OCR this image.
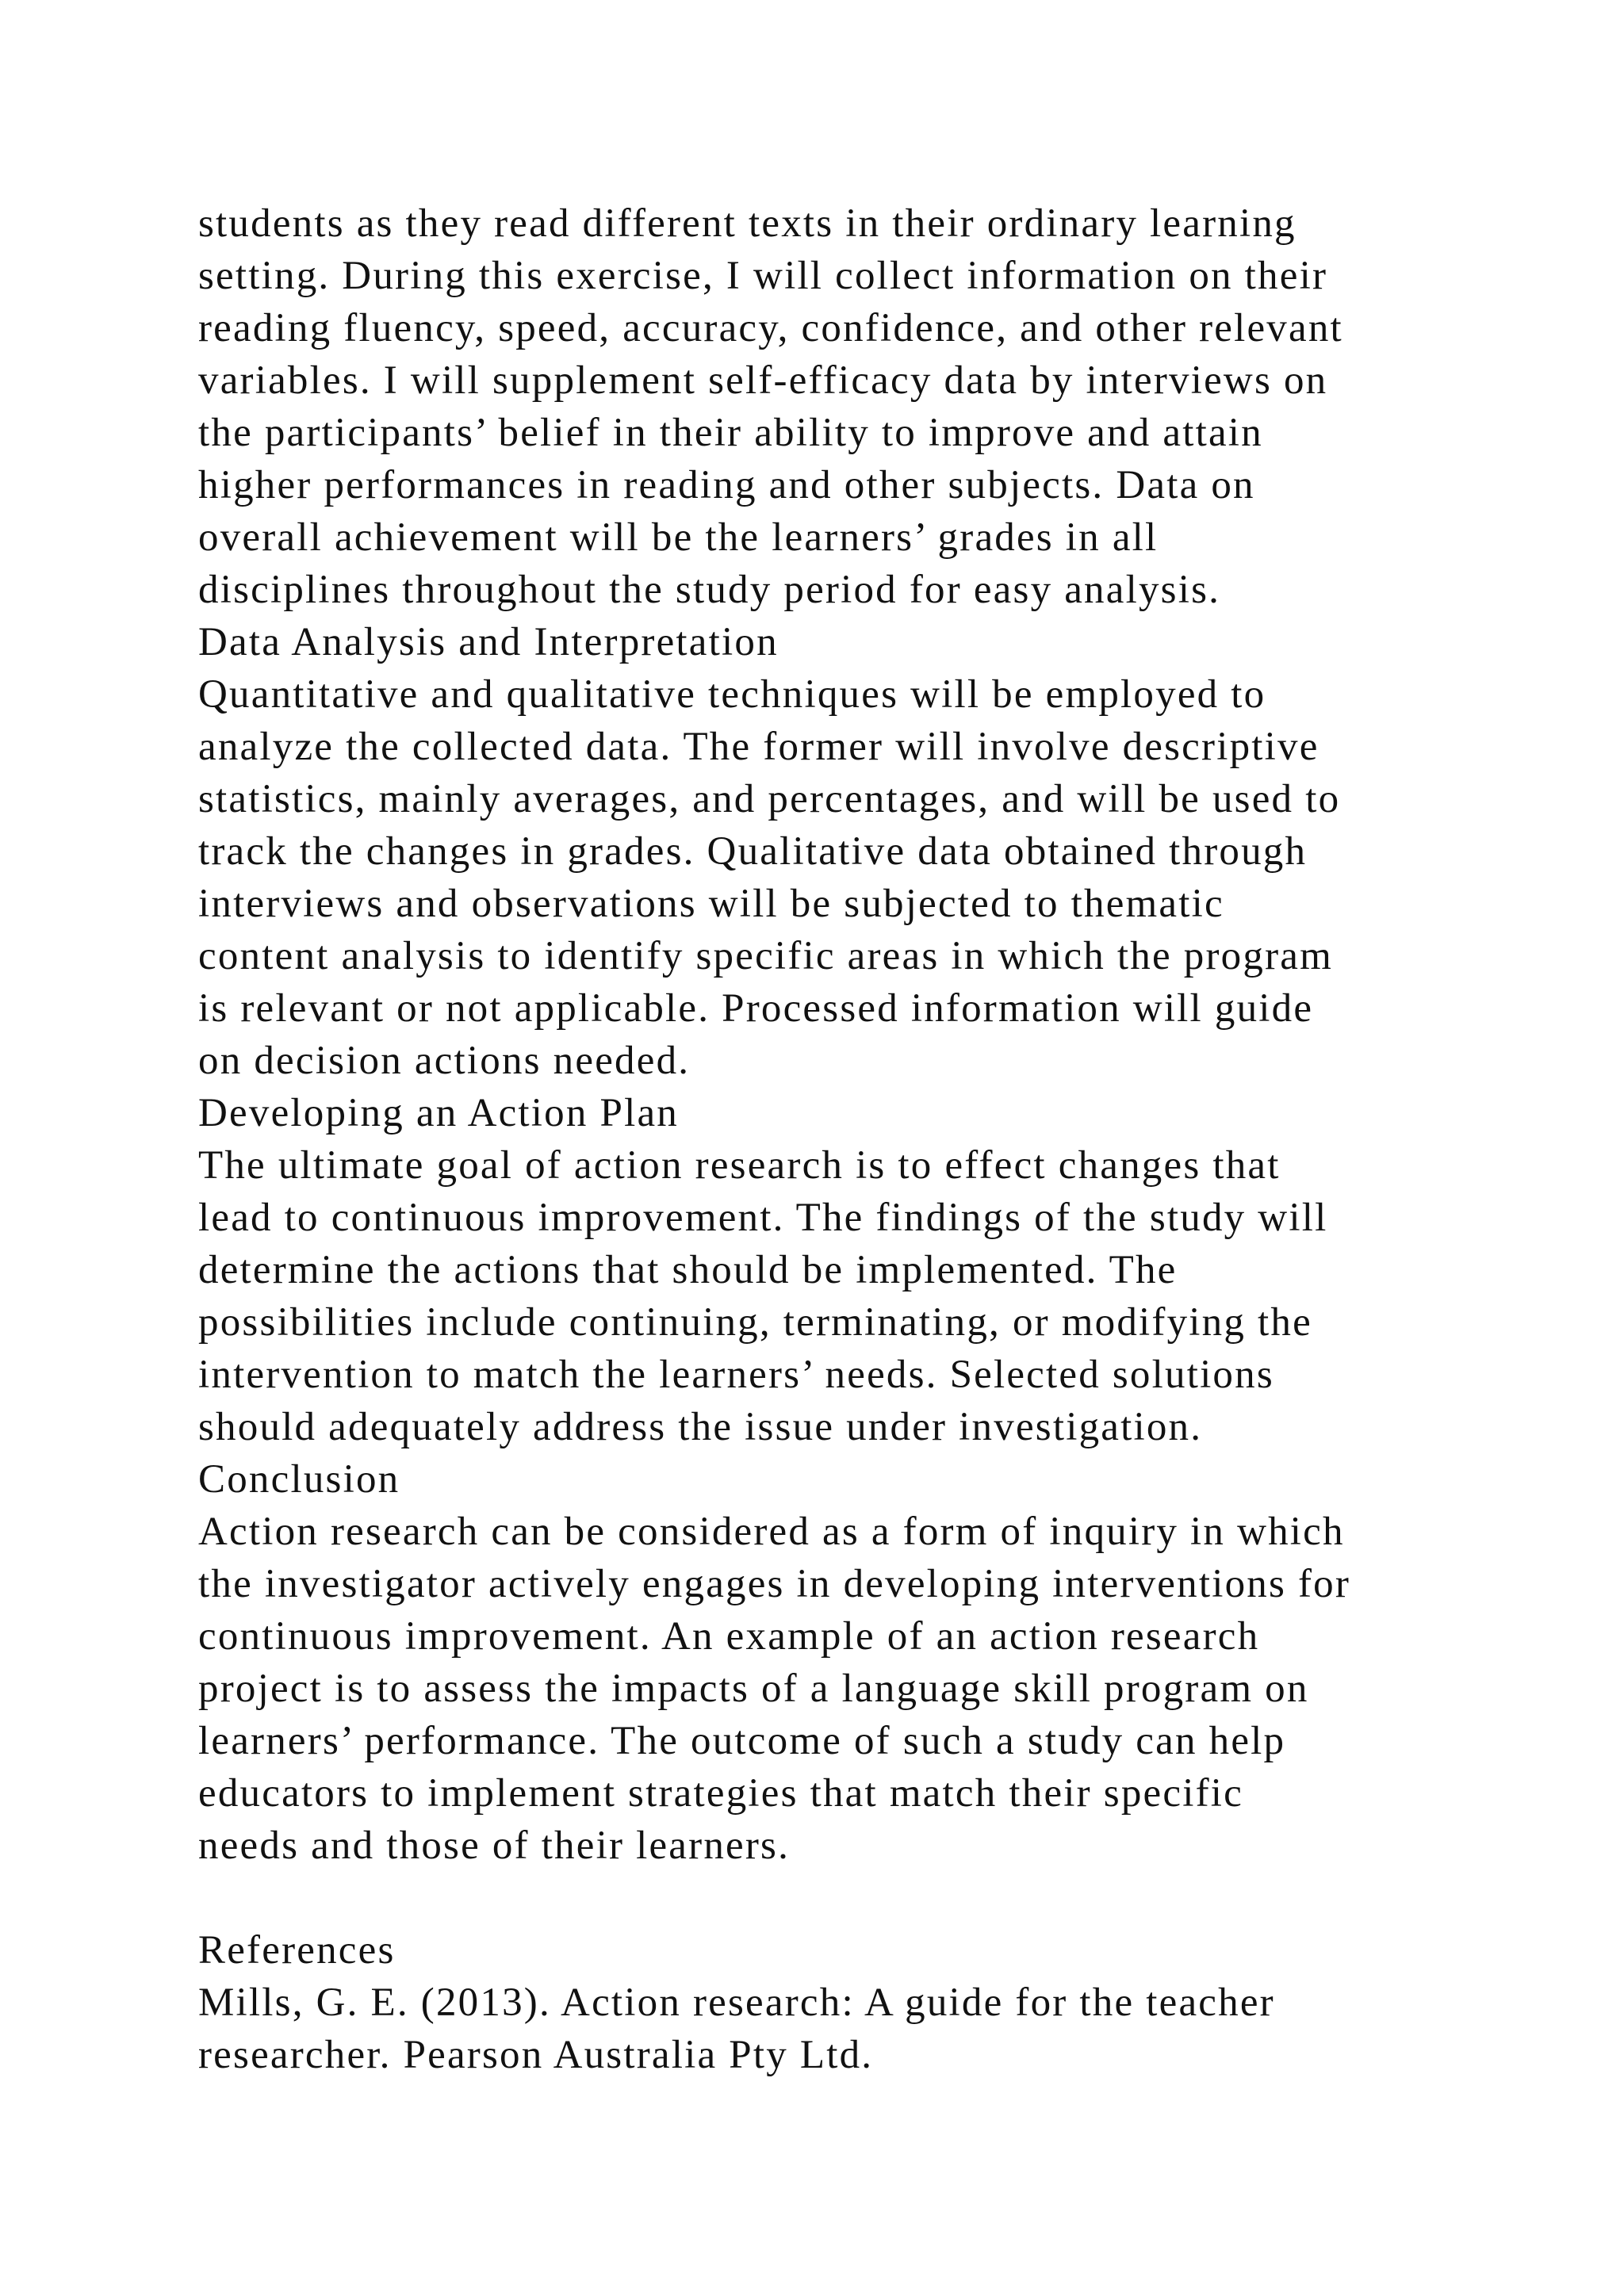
students as they read different texts in their ordinary learning
setting. During this exercise, I will collect information on their
reading fluency, speed, accuracy, confidence, and other relevant
variables. I will supplement self-efficacy data by interviews on
the participants’ belief in their ability to improve and attain
higher performances in reading and other subjects. Data on
overall achievement will be the learners’ grades in all
disciplines throughout the study period for easy analysis.
Data Analysis and Interpretation
Quantitative and qualitative techniques will be employed to
analyze the collected data. The former will involve descriptive
statistics, mainly averages, and percentages, and will be used to
track the changes in grades. Qualitative data obtained through
interviews and observations will be subjected to thematic
content analysis to identify specific areas in which the program
is relevant or not applicable. Processed information will guide
on decision actions needed.
Developing an Action Plan
The ultimate goal of action research is to effect changes that
lead to continuous improvement. The findings of the study will
determine the actions that should be implemented. The
possibilities include continuing, terminating, or modifying the
intervention to match the learners’ needs. Selected solutions
should adequately address the issue under investigation.
Conclusion
Action research can be considered as a form of inquiry in which
the investigator actively engages in developing interventions for
continuous improvement. An example of an action research
project is to assess the impacts of a language skill program on
learners’ performance. The outcome of such a study can help
educators to implement strategies that match their specific
needs and those of their learners.
References
Mills, G. E. (2013). Action research: A guide for the teacher
researcher. Pearson Australia Pty Ltd.
